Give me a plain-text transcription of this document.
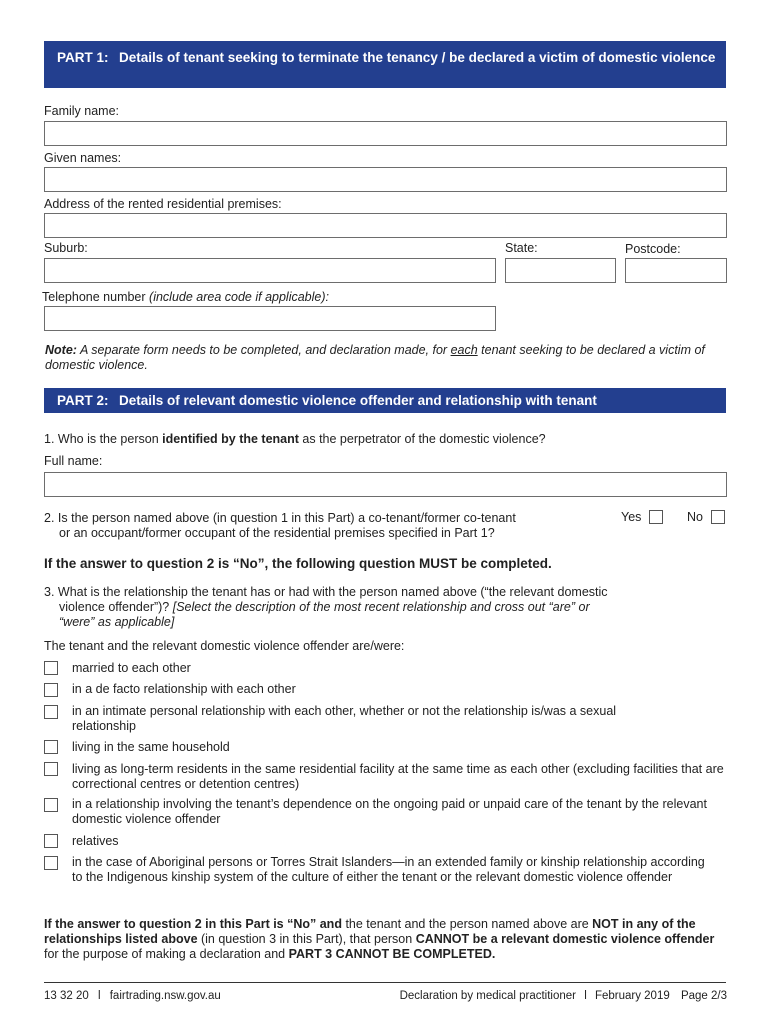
PART 1: Details of tenant seeking to terminate the tenancy / be declared a victim of domestic violence
Family name:
Given names:
Address of the rented residential premises:
Suburb:	State:	Postcode:
Telephone number (include area code if applicable):
Note: A separate form needs to be completed, and declaration made, for each tenant seeking to be declared a victim of domestic violence.
PART 2: Details of relevant domestic violence offender and relationship with tenant
1. Who is the person identified by the tenant as the perpetrator of the domestic violence?
Full name:
2. Is the person named above (in question 1 in this Part) a co-tenant/former co-tenant
or an occupant/former occupant of the residential premises specified in Part 1?
Yes	No
If the answer to question 2 is “No”, the following question MUST be completed.
3. What is the relationship the tenant has or had with the person named above (“the relevant domestic
violence offender”)? [Select the description of the most recent relationship and cross out “are” or
“were” as applicable]
The tenant and the relevant domestic violence offender are/were:
married to each other
in a de facto relationship with each other
in an intimate personal relationship with each other, whether or not the relationship is/was a sexual relationship
living in the same household
living as long-term residents in the same residential facility at the same time as each other (excluding facilities that are correctional centres or detention centres)
in a relationship involving the tenant’s dependence on the ongoing paid or unpaid care of the tenant by the relevant domestic violence offender
relatives
in the case of Aboriginal persons or Torres Strait Islanders—in an extended family or kinship relationship according to the Indigenous kinship system of the culture of either the tenant or the relevant domestic violence offender
If the answer to question 2 in this Part is “No” and the tenant and the person named above are NOT in any of the relationships listed above (in question 3 in this Part), that person CANNOT be a relevant domestic violence offender for the purpose of making a declaration and PART 3 CANNOT BE COMPLETED.
13 32 20 l fairtrading.nsw.gov.au	Declaration by medical practitioner l February 2019 Page 2/3
